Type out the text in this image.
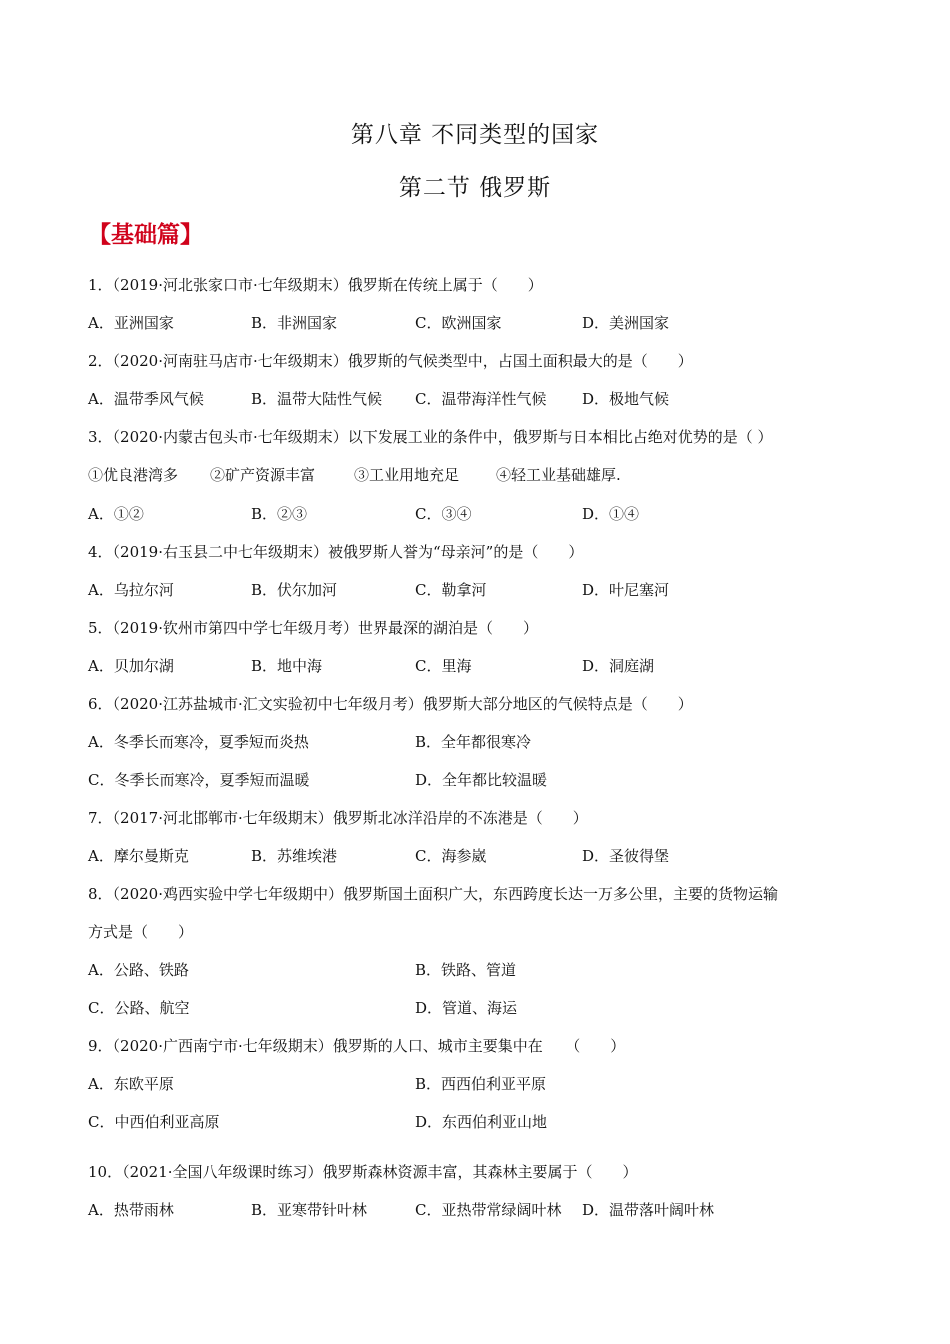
第八章 不同类型的国家
第二节 俄罗斯
【基础篇】
1．（2019·河北张家口市·七年级期末）俄罗斯在传统上属于（　　）
A．亚洲国家	B．非洲国家	C．欧洲国家	D．美洲国家
2．（2020·河南驻马店市·七年级期末）俄罗斯的气候类型中，占国土面积最大的是（　　）
A．温带季风气候	B．温带大陆性气候 C．温带海洋性气候 D．极地气候
3．（2020·内蒙古包头市·七年级期末）以下发展工业的条件中，俄罗斯与日本相比占绝对优势的是（ ）
①优良港湾多 ②矿产资源丰富	③工业用地充足 ④轻工业基础雄厚.
A．①②	B．②③	C．③④	D．①④
4．（2019·右玉县二中七年级期末）被俄罗斯人誉为“母亲河”的是（　　）
A．乌拉尔河	B．伏尔加河	C．勒拿河	D．叶尼塞河
5．（2019·钦州市第四中学七年级月考）世界最深的湖泊是（　　）
A．贝加尔湖	B．地中海	C．里海	D．洞庭湖
6．（2020·江苏盐城市·汇文实验初中七年级月考）俄罗斯大部分地区的气候特点是（　　）
A．冬季长而寒冷，夏季短而炎热	B．全年都很寒冷
C．冬季长而寒冷，夏季短而温暖	D．全年都比较温暖
7．（2017·河北邯郸市·七年级期末）俄罗斯北冰洋沿岸的不冻港是（　　）
A．摩尔曼斯克	B．苏维埃港	C．海参崴	D．圣彼得堡
8．（2020·鸡西实验中学七年级期中）俄罗斯国土面积广大，东西跨度长达一万多公里，主要的货物运输
方式是（　　）
A．公路、铁路	B．铁路、管道
C．公路、航空	D．管道、海运
9．（2020·广西南宁市·七年级期末）俄罗斯的人口、城市主要集中在　　（　　）
A．东欧平原	B．西西伯利亚平原
C．中西伯利亚高原	D．东西伯利亚山地
10．（2021·全国八年级课时练习）俄罗斯森林资源丰富，其森林主要属于（　　）
A．热带雨林	B．亚寒带针叶林	C．亚热带常绿阔叶林 D．温带落叶阔叶林
